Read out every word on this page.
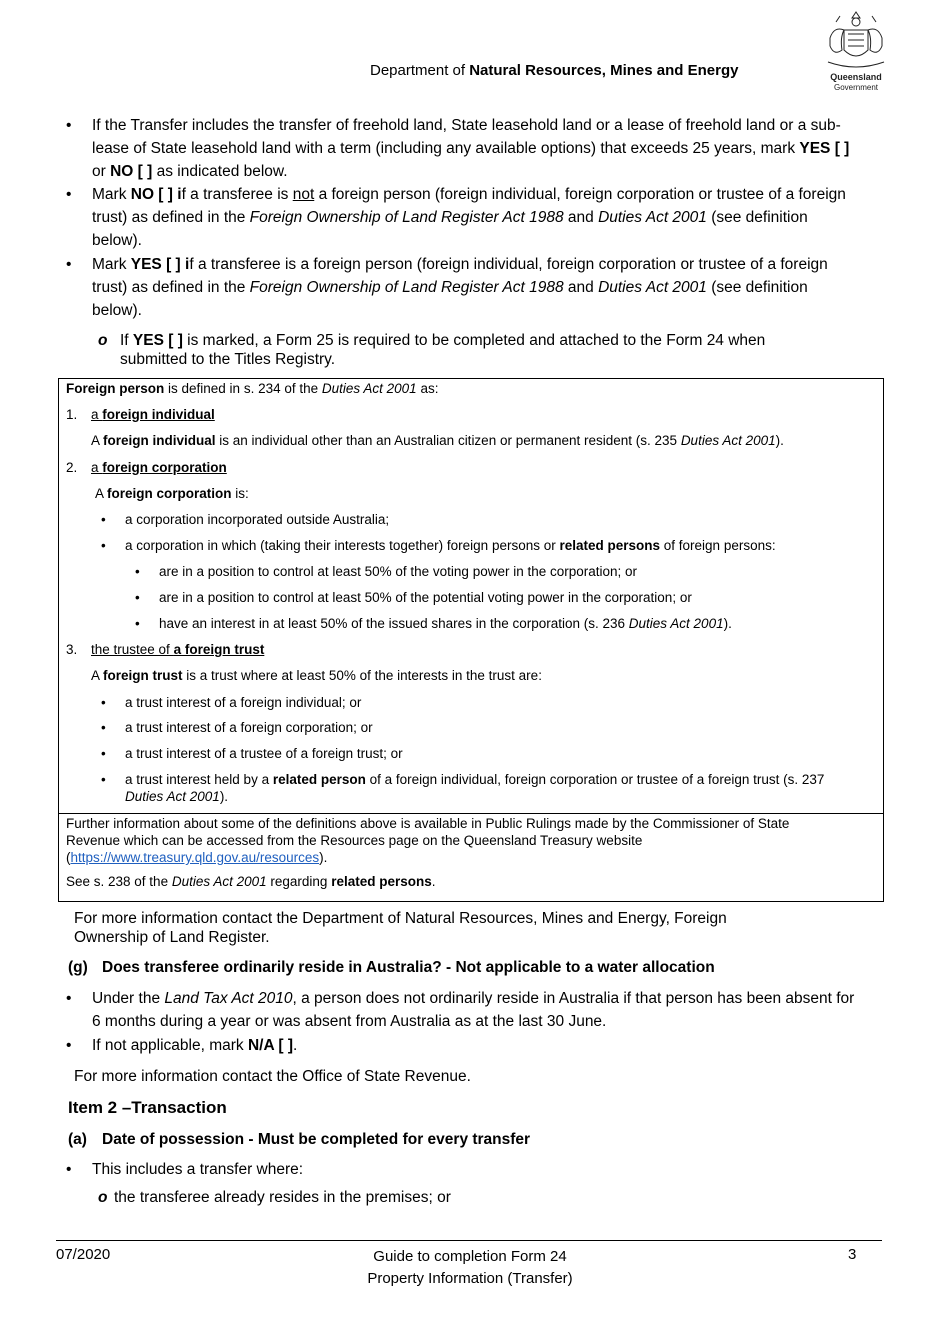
Department of Natural Resources, Mines and Energy	Queensland
Government
• If the Transfer includes the transfer of freehold land, State leasehold land or a lease of freehold land or a sub-
lease of State leasehold land with a term (including any available options) that exceeds 25 years, mark YES [ ]
or NO [ ] as indicated below.
• Mark NO [ ] if a transferee is not a foreign person (foreign individual, foreign corporation or trustee of a foreign
trust) as defined in the Foreign Ownership of Land Register Act 1988 and Duties Act 2001 (see definition
below).
• Mark YES [ ] if a transferee is a foreign person (foreign individual, foreign corporation or trustee of a foreign
trust) as defined in the Foreign Ownership of Land Register Act 1988 and Duties Act 2001 (see definition
below).
o If YES [ ] is marked, a Form 25 is required to be completed and attached to the Form 24 when
submitted to the Titles Registry.
Foreign person is defined in s. 234 of the Duties Act 2001 as:
1. a foreign individual
A foreign individual is an individual other than an Australian citizen or permanent resident (s. 235 Duties Act 2001).
2. a foreign corporation
A foreign corporation is:
• a corporation incorporated outside Australia;
• a corporation in which (taking their interests together) foreign persons or related persons of foreign persons:
• are in a position to control at least 50% of the voting power in the corporation; or
• are in a position to control at least 50% of the potential voting power in the corporation; or
• have an interest in at least 50% of the issued shares in the corporation (s. 236 Duties Act 2001).
3. the trustee of a foreign trust
A foreign trust is a trust where at least 50% of the interests in the trust are:
• a trust interest of a foreign individual; or
• a trust interest of a foreign corporation; or
• a trust interest of a trustee of a foreign trust; or
• a trust interest held by a related person of a foreign individual, foreign corporation or trustee of a foreign trust (s. 237
Duties Act 2001).
Further information about some of the definitions above is available in Public Rulings made by the Commissioner of State
Revenue which can be accessed from the Resources page on the Queensland Treasury website
(https://www.treasury.qld.gov.au/resources).
See s. 238 of the Duties Act 2001 regarding related persons.
For more information contact the Department of Natural Resources, Mines and Energy, Foreign
Ownership of Land Register.
(g) Does transferee ordinarily reside in Australia? - Not applicable to a water allocation
• Under the Land Tax Act 2010, a person does not ordinarily reside in Australia if that person has been absent for
6 months during a year or was absent from Australia as at the last 30 June.
• If not applicable, mark N/A [ ].
For more information contact the Office of State Revenue.
Item 2 –Transaction
(a) Date of possession - Must be completed for every transfer
• This includes a transfer where:
o the transferee already resides in the premises; or
07/2020	Guide to completion Form 24
Property Information (Transfer)
3
